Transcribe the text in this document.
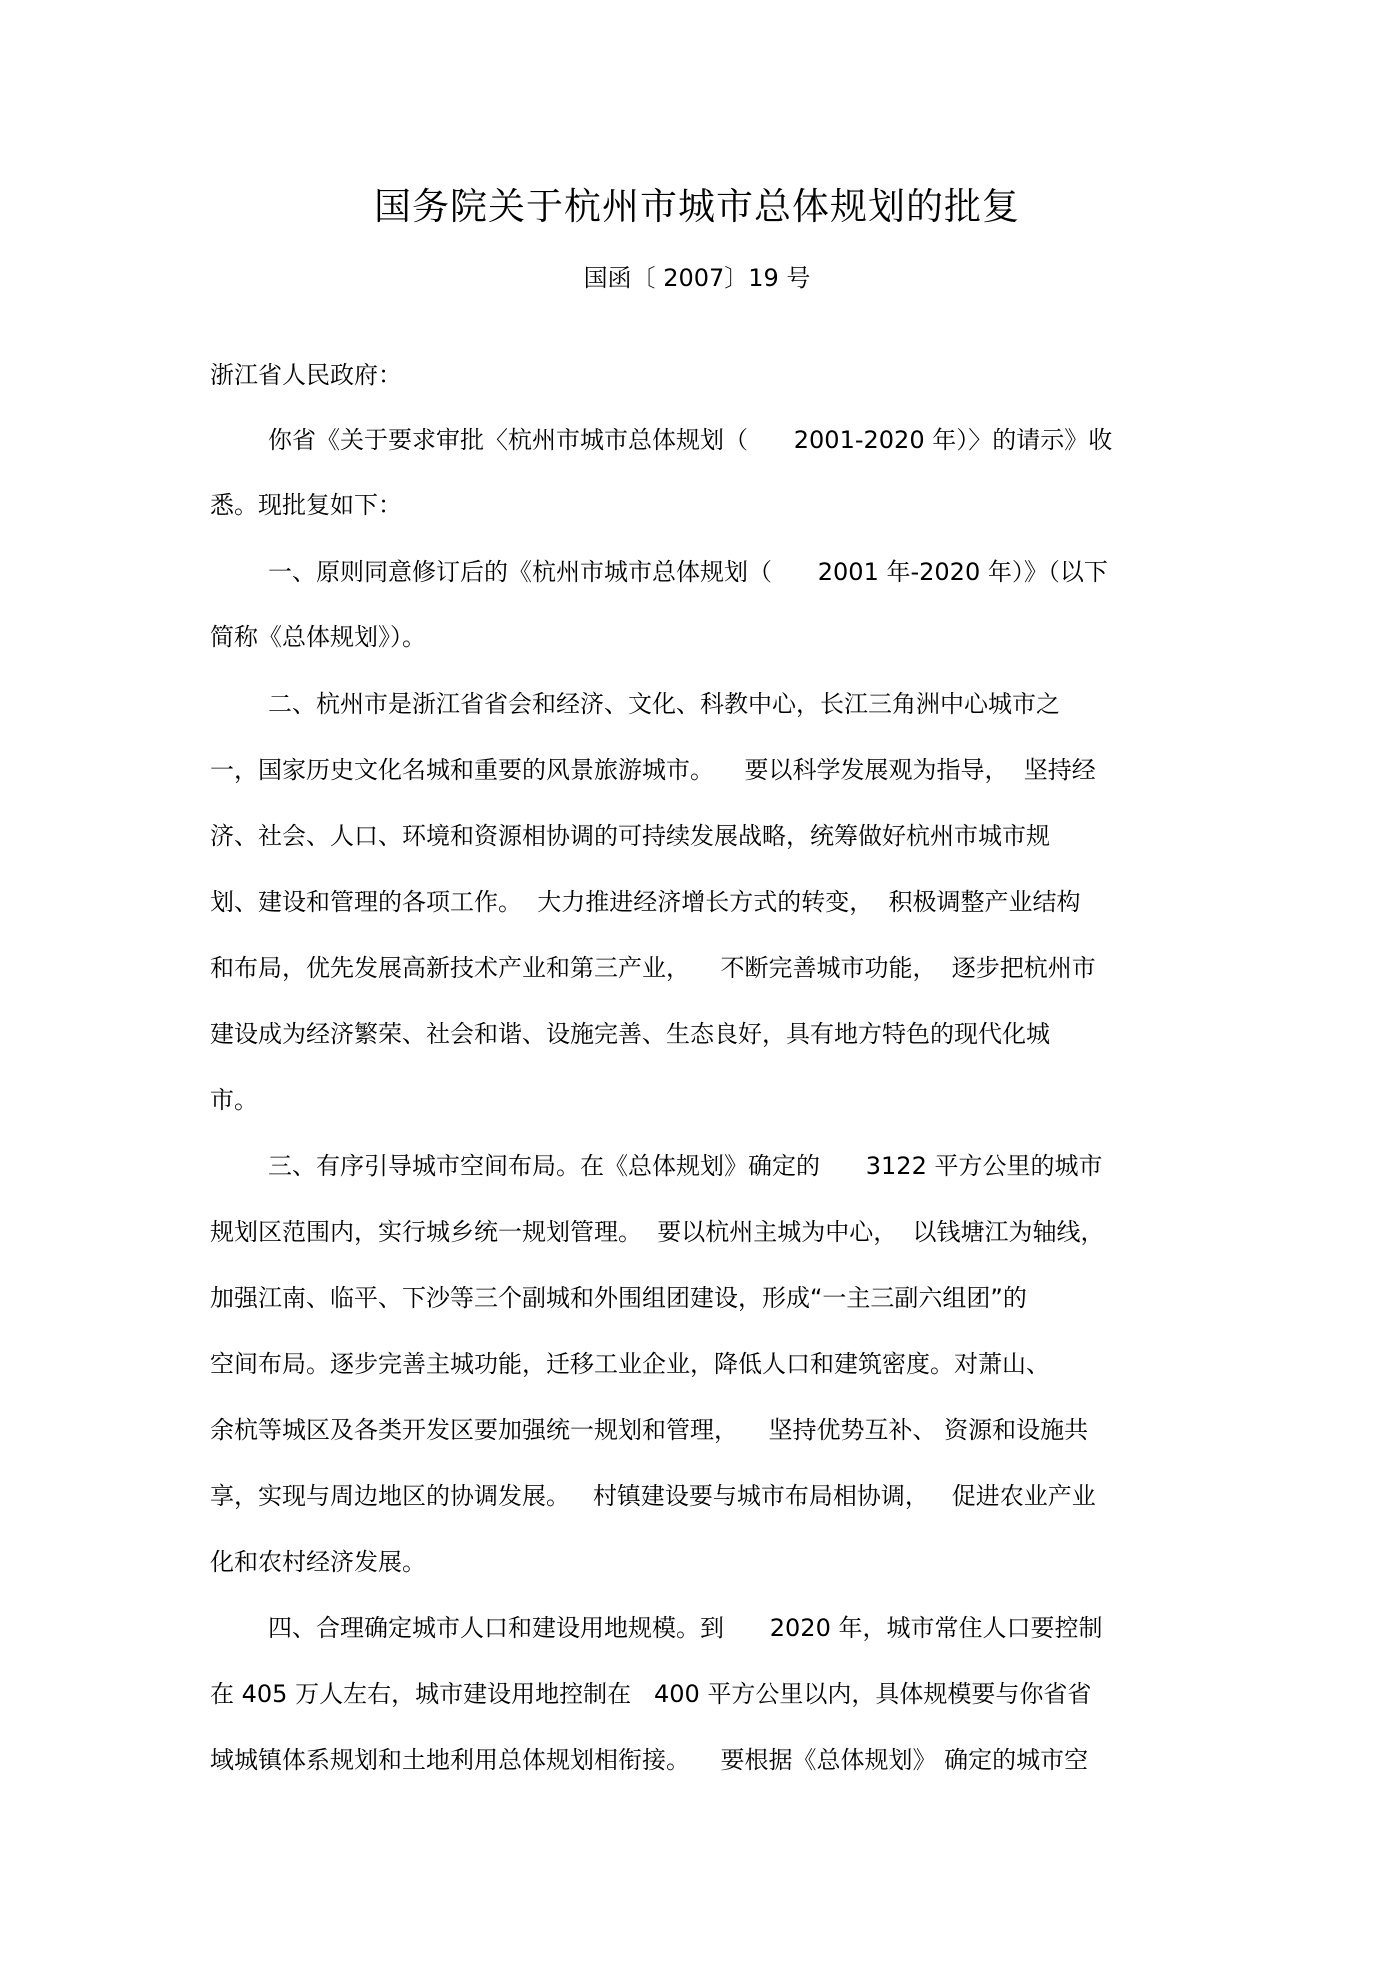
国务院关于杭州市城市总体规划的批复
国函〔 2007〕19 号
浙江省人民政府：
你省《关于要求审批〈杭州市城市总体规划（      2001-2020 年）〉的请示》收
悉。现批复如下：
一、原则同意修订后的《杭州市城市总体规划（      2001 年-2020 年）》（以下
简称《总体规划》）。
二、杭州市是浙江省省会和经济、文化、科教中心，长江三角洲中心城市之
一，国家历史文化名城和重要的风景旅游城市。    要以科学发展观为指导，  坚持经
济、社会、人口、环境和资源相协调的可持续发展战略，统筹做好杭州市城市规
划、建设和管理的各项工作。  大力推进经济增长方式的转变，  积极调整产业结构
和布局，优先发展高新技术产业和第三产业，    不断完善城市功能，  逐步把杭州市
建设成为经济繁荣、社会和谐、设施完善、生态良好，具有地方特色的现代化城
市。
三、有序引导城市空间布局。在《总体规划》确定的      3122 平方公里的城市
规划区范围内，实行城乡统一规划管理。  要以杭州主城为中心，  以钱塘江为轴线，
加强江南、临平、下沙等三个副城和外围组团建设，形成“一主三副六组团”的
空间布局。逐步完善主城功能，迁移工业企业，降低人口和建筑密度。对萧山、
余杭等城区及各类开发区要加强统一规划和管理，    坚持优势互补、 资源和设施共
享，实现与周边地区的协调发展。   村镇建设要与城市布局相协调，   促进农业产业
化和农村经济发展。
四、合理确定城市人口和建设用地规模。到      2020 年，城市常住人口要控制
在 405 万人左右，城市建设用地控制在   400 平方公里以内，具体规模要与你省省
域城镇体系规划和土地利用总体规划相衔接。    要根据《总体规划》 确定的城市空
